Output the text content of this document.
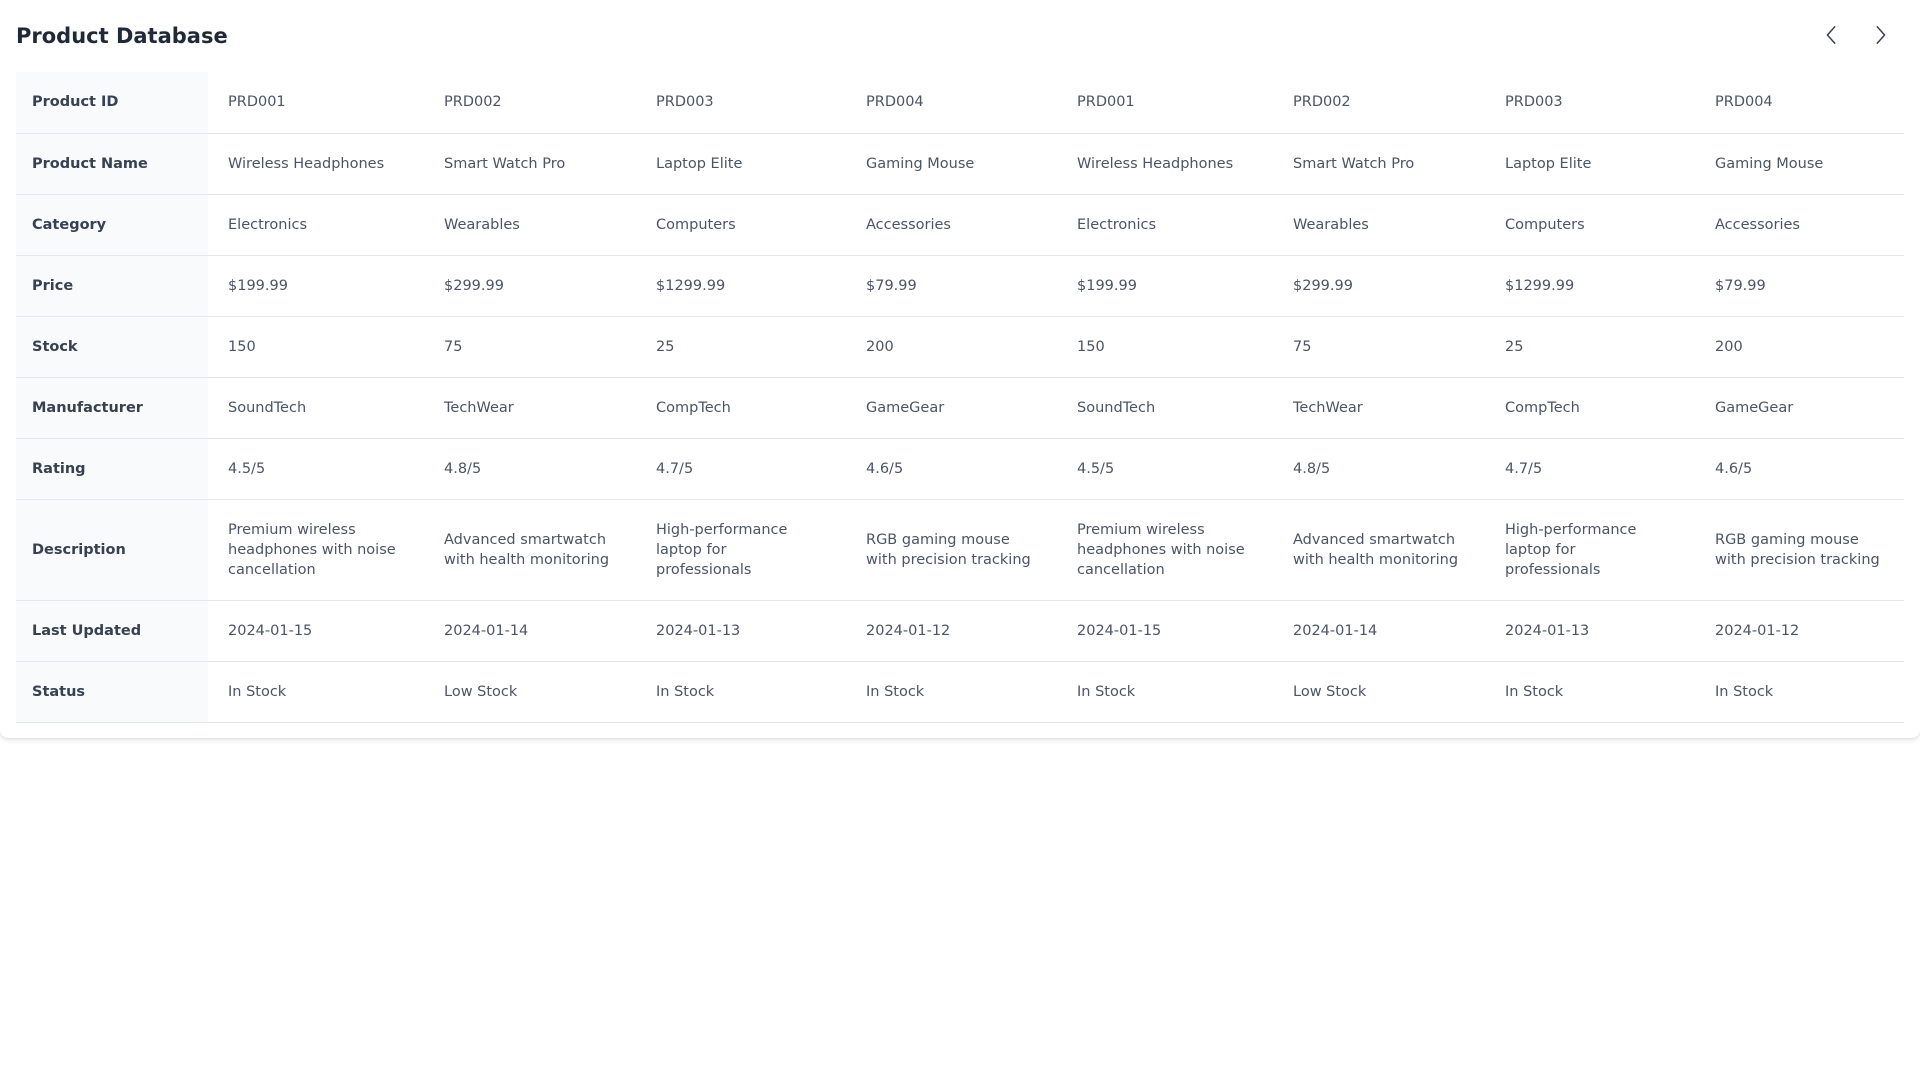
Product Database
Product ID	PRD001	PRD002	PRD003	PRD004	PRD001	PRD002	PRD003	PRD004
Product Name	Wireless Headphones	Smart Watch Pro	Laptop Elite	Gaming Mouse	Wireless Headphones	Smart Watch Pro	Laptop Elite	Gaming Mouse
Category	Electronics	Wearables	Computers	Accessories	Electronics	Wearables	Computers	Accessories
Price	$199.99	$299.99	$1299.99	$79.99	$199.99	$299.99	$1299.99	$79.99
Stock	150	75	25	200	150	75	25	200
Manufacturer	SoundTech	TechWear	CompTech	GameGear	SoundTech	TechWear	CompTech	GameGear
Rating	4.5/5	4.8/5	4.7/5	4.6/5	4.5/5	4.8/5	4.7/5	4.6/5
Description	Premium wireless headphones with noise cancellation	Advanced smartwatch with health monitoring	High-performance laptop for professionals	RGB gaming mouse with precision tracking	Premium wireless headphones with noise cancellation	Advanced smartwatch with health monitoring	High-performance laptop for professionals	RGB gaming mouse with precision tracking
Last Updated	2024-01-15	2024-01-14	2024-01-13	2024-01-12	2024-01-15	2024-01-14	2024-01-13	2024-01-12
Status	In Stock	Low Stock	In Stock	In Stock	In Stock	Low Stock	In Stock	In Stock
